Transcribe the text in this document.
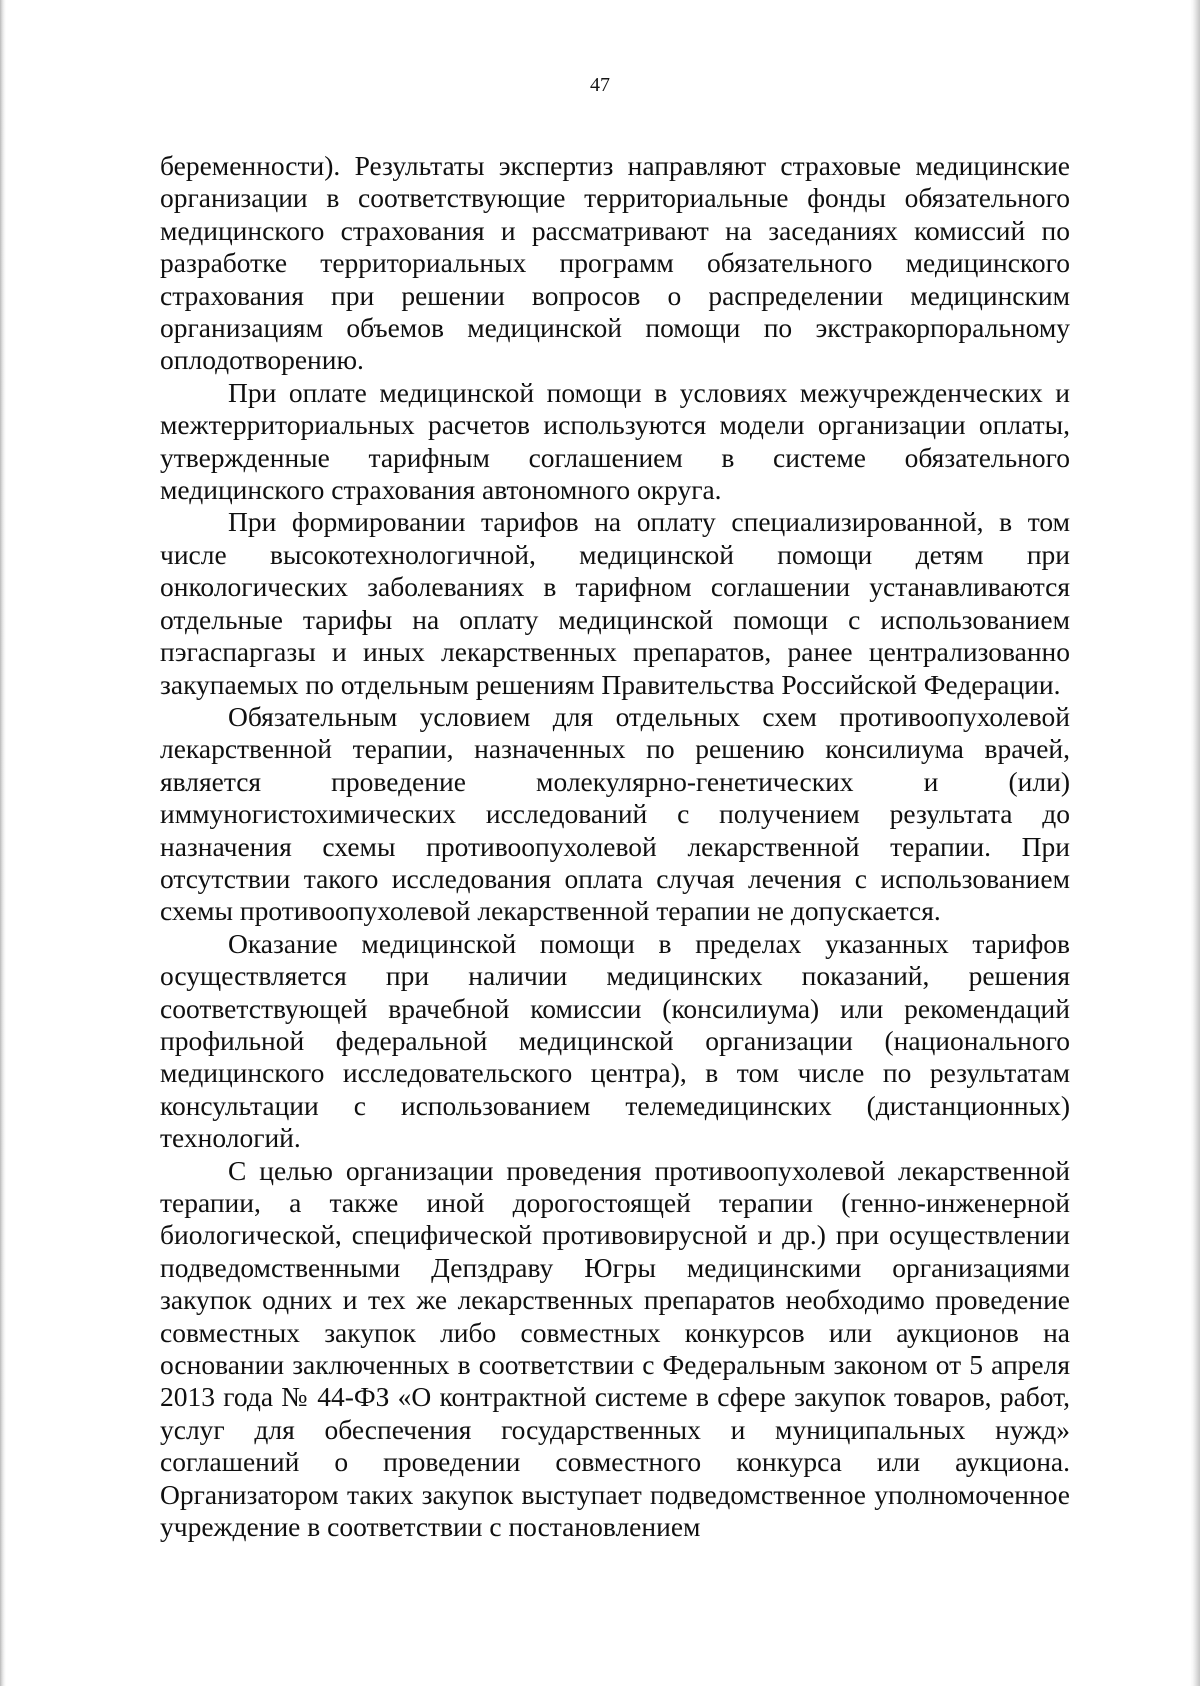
47

беременности). Результаты экспертиз направляют страховые медицинские организации в соответствующие территориальные фонды обязательного медицинского страхования и рассматривают на заседаниях комиссий по разработке территориальных программ обязательного медицинского страхования при решении вопросов о распределении медицинским организациям объемов медицинской помощи по экстракорпоральному оплодотворению.

При оплате медицинской помощи в условиях межучрежденческих и межтерриториальных расчетов используются модели организации оплаты, утвержденные тарифным соглашением в системе обязательного медицинского страхования автономного округа.

При формировании тарифов на оплату специализированной, в том числе высокотехнологичной, медицинской помощи детям при онкологических заболеваниях в тарифном соглашении устанавливаются отдельные тарифы на оплату медицинской помощи с использованием пэгаспаргазы и иных лекарственных препаратов, ранее централизованно закупаемых по отдельным решениям Правительства Российской Федерации.

Обязательным условием для отдельных схем противоопухолевой лекарственной терапии, назначенных по решению консилиума врачей, является проведение молекулярно-генетических и (или) иммуногистохимических исследований с получением результата до назначения схемы противоопухолевой лекарственной терапии. При отсутствии такого исследования оплата случая лечения с использованием схемы противоопухолевой лекарственной терапии не допускается.

Оказание медицинской помощи в пределах указанных тарифов осуществляется при наличии медицинских показаний, решения соответствующей врачебной комиссии (консилиума) или рекомендаций профильной федеральной медицинской организации (национального медицинского исследовательского центра), в том числе по результатам консультации с использованием телемедицинских (дистанционных) технологий.

С целью организации проведения противоопухолевой лекарственной терапии, а также иной дорогостоящей терапии (генно-инженерной биологической, специфической противовирусной и др.) при осуществлении подведомственными Депздраву Югры медицинскими организациями закупок одних и тех же лекарственных препаратов необходимо проведение совместных закупок либо совместных конкурсов или аукционов на основании заключенных в соответствии с Федеральным законом от 5 апреля 2013 года № 44-ФЗ «О контрактной системе в сфере закупок товаров, работ, услуг для обеспечения государственных и муниципальных нужд» соглашений о проведении совместного конкурса или аукциона. Организатором таких закупок выступает подведомственное уполномоченное учреждение в соответствии с постановлением
